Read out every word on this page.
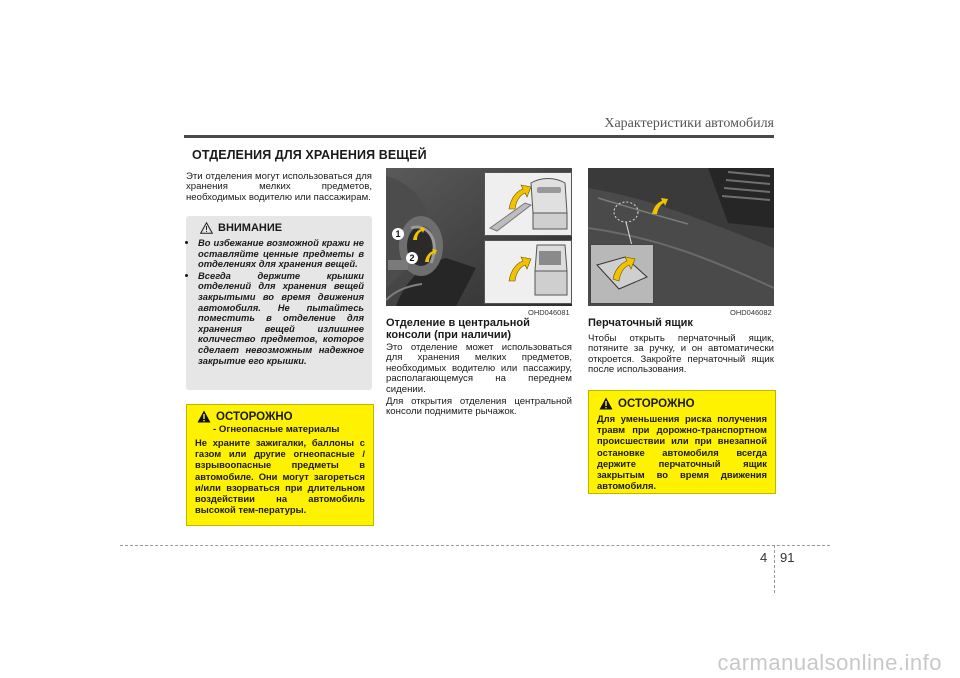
Характеристики автомобиля
ОТДЕЛЕНИЯ ДЛЯ ХРАНЕНИЯ ВЕЩЕЙ
Эти отделения могут использоваться для хранения мелких предметов, необходимых водителю или пассажирам.
ВНИМАНИЕ
• Во избежание возможной кражи не оставляйте ценные предметы в отделениях для хранения вещей.
• Всегда держите крышки отделений для хранения вещей закрытыми во время движения автомобиля. Не пытайтесь поместить в отделение для хранения вещей излишнее количество предметов, которое сделает невозможным надежное закрытие его крышки.
ОСТОРОЖНО
- Огнеопасные материалы
Не храните зажигалки, баллоны с газом или другие огнеопасные / взрывоопасные предметы в автомобиле. Они могут загореться и/или взорваться при длительном воздействии на автомобиль высокой тем-пературы.
1
2
OHD046081
Отделение в центральной консоли (при наличии)
Это отделение может использоваться для хранения мелких предметов, необходимых водителю или пассажиру, располагающемуся на переднем сидении.
Для открытия отделения центральной консоли поднимите рычажок.
OHD046082
Перчаточный ящик
Чтобы открыть перчаточный ящик, потяните за ручку, и он автоматически откроется. Закройте перчаточный ящик после использования.
ОСТОРОЖНО
Для уменьшения риска получения травм при дорожно-транспортном происшествии или при внезапной остановке автомобиля всегда держите перчаточный ящик закрытым во время движения автомобиля.
4 91
carmanualsonline.info
